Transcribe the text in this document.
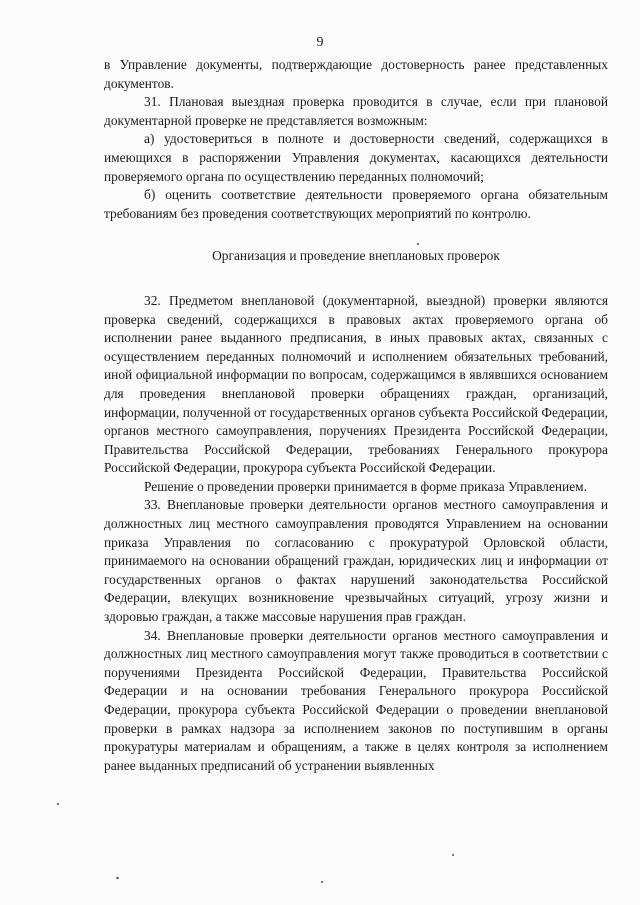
9

в Управление документы, подтверждающие достоверность ранее представленных документов.

31. Плановая выездная проверка проводится в случае, если при плановой документарной проверке не представляется возможным:

а) удостовериться в полноте и достоверности сведений, содержащихся в имеющихся в распоряжении Управления документах, касающихся деятельности проверяемого органа по осуществлению переданных полномочий;

б) оценить соответствие деятельности проверяемого органа обязательным требованиям без проведения соответствующих мероприятий по контролю.

Организация и проведение внеплановых проверок

32. Предметом внеплановой (документарной, выездной) проверки являются проверка сведений, содержащихся в правовых актах проверяемого органа об исполнении ранее выданного предписания, в иных правовых актах, связанных с осуществлением переданных полномочий и исполнением обязательных требований, иной официальной информации по вопросам, содержащимся в являвшихся основанием для проведения внеплановой проверки обращениях граждан, организаций, информации, полученной от государственных органов субъекта Российской Федерации, органов местного самоуправления, поручениях Президента Российской Федерации, Правительства Российской Федерации, требованиях Генерального прокурора Российской Федерации, прокурора субъекта Российской Федерации.

Решение о проведении проверки принимается в форме приказа Управлением.

33. Внеплановые проверки деятельности органов местного самоуправления и должностных лиц местного самоуправления проводятся Управлением на основании приказа Управления по согласованию с прокуратурой Орловской области, принимаемого на основании обращений граждан, юридических лиц и информации от государственных органов о фактах нарушений законодательства Российской Федерации, влекущих возникновение чрезвычайных ситуаций, угрозу жизни и здоровью граждан, а также массовые нарушения прав граждан.

34. Внеплановые проверки деятельности органов местного самоуправления и должностных лиц местного самоуправления могут также проводиться в соответствии с поручениями Президента Российской Федерации, Правительства Российской Федерации и на основании требования Генерального прокурора Российской Федерации, прокурора субъекта Российской Федерации о проведении внеплановой проверки в рамках надзора за исполнением законов по поступившим в органы прокуратуры материалам и обращениям, а также в целях контроля за исполнением ранее выданных предписаний об устранении выявленных
